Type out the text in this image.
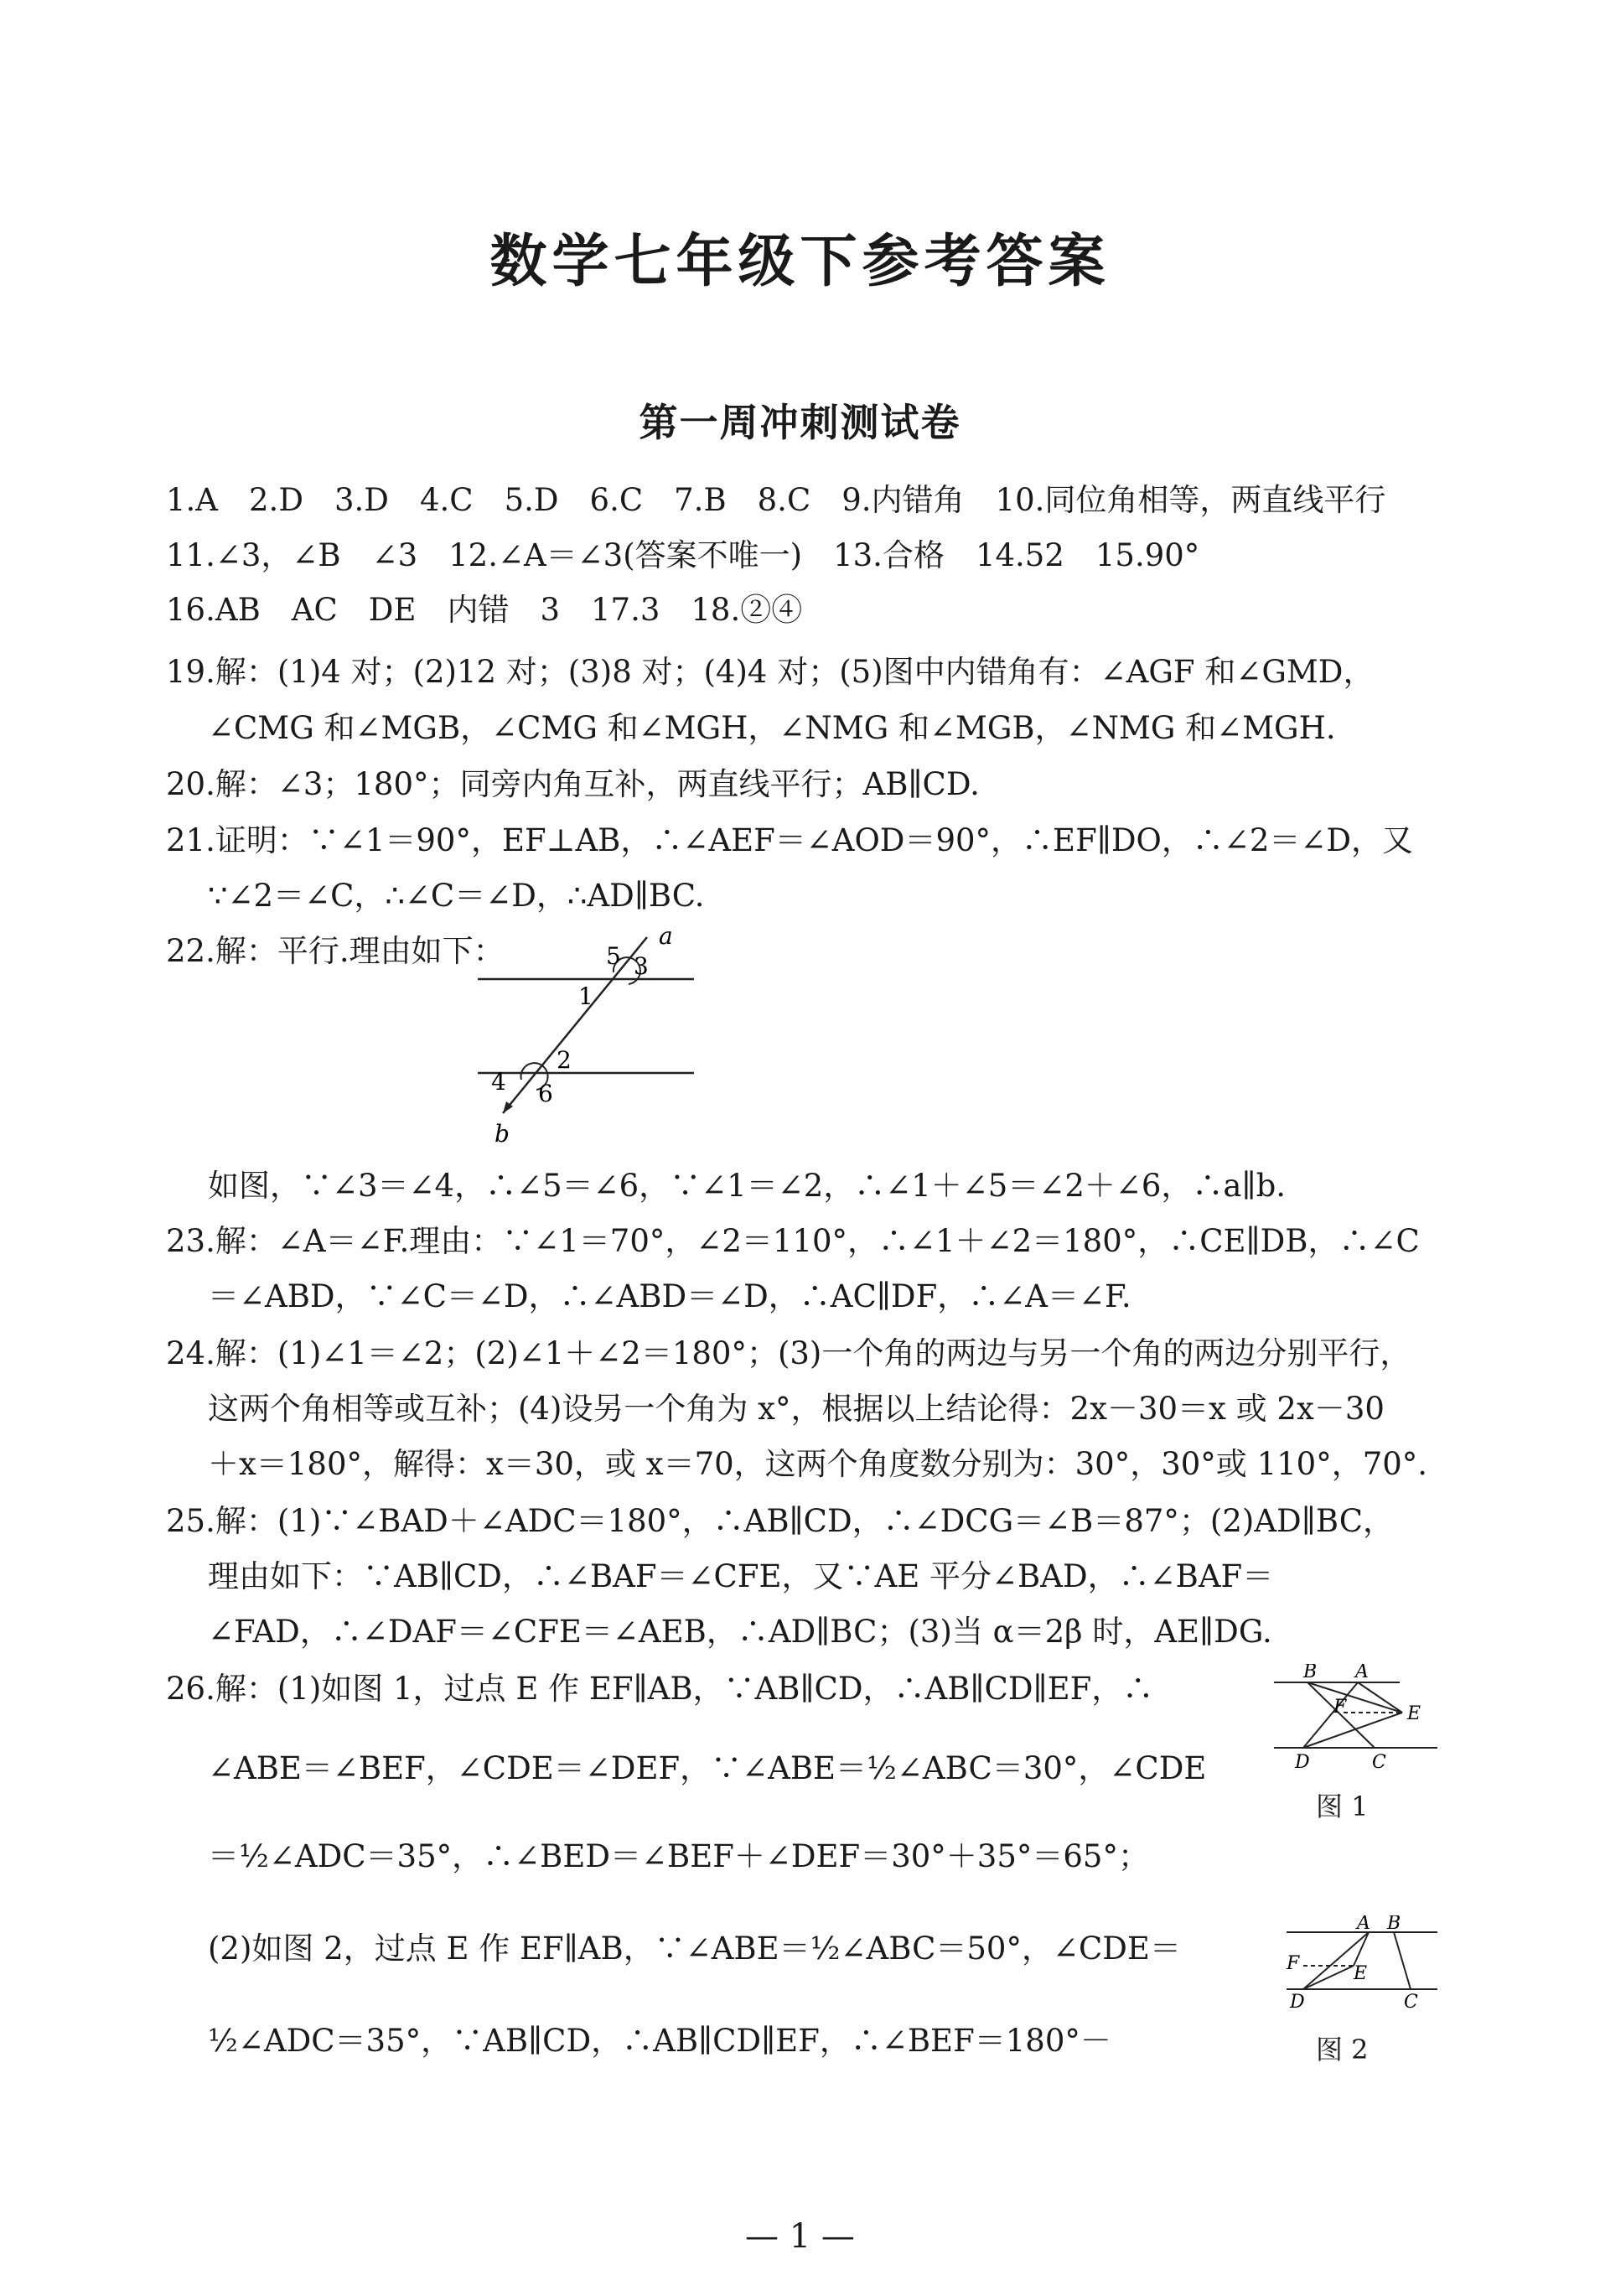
数学七年级下参考答案
第一周冲刺测试卷
1.A　2.D　3.D　4.C　5.D　6.C　7.B　8.C　9.内错角　10.同位角相等，两直线平行
11.∠3，∠B　∠3　12.∠A＝∠3(答案不唯一)　13.合格　14.52　15.90°
16.AB　AC　DE　内错　3　17.3　18.②④
19.解：(1)4 对；(2)12 对；(3)8 对；(4)4 对；(5)图中内错角有：∠AGF 和∠GMD，
∠CMG 和∠MGB，∠CMG 和∠MGH，∠NMG 和∠MGB，∠NMG 和∠MGH.
20.解：∠3；180°；同旁内角互补，两直线平行；AB∥CD.
21.证明：∵∠1＝90°，EF⊥AB，∴∠AEF＝∠AOD＝90°，∴EF∥DO，∴∠2＝∠D，又
∵∠2＝∠C，∴∠C＝∠D，∴AD∥BC.
22.解：平行.理由如下：	5 3
a
1
2
4 6
b
如图，∵∠3＝∠4，∴∠5＝∠6，∵∠1＝∠2，∴∠1＋∠5＝∠2＋∠6，∴a∥b.
23.解：∠A＝∠F.理由：∵∠1＝70°，∠2＝110°，∴∠1＋∠2＝180°，∴CE∥DB，∴∠C
＝∠ABD，∵∠C＝∠D，∴∠ABD＝∠D，∴AC∥DF，∴∠A＝∠F.
24.解：(1)∠1＝∠2；(2)∠1＋∠2＝180°；(3)一个角的两边与另一个角的两边分别平行，
这两个角相等或互补；(4)设另一个角为 x°，根据以上结论得：2x－30＝x 或 2x－30
＋x＝180°，解得：x＝30，或 x＝70，这两个角度数分别为：30°，30°或 110°，70°.
25.解：(1)∵∠BAD＋∠ADC＝180°，∴AB∥CD，∴∠DCG＝∠B＝87°；(2)AD∥BC，
理由如下：∵AB∥CD，∴∠BAF＝∠CFE，又∵AE 平分∠BAD，∴∠BAF＝
∠FAD，∴∠DAF＝∠CFE＝∠AEB，∴AD∥BC；(3)当 α＝2β 时，AE∥DG.
26.解：(1)如图 1，过点 E 作 EF∥AB，∵AB∥CD，∴AB∥CD∥EF，∴
∠ABE＝∠BEF，∠CDE＝∠DEF，∵∠ABE＝½∠ABC＝30°，∠CDE
＝½∠ADC＝35°，∴∠BED＝∠BEF＋∠DEF＝30°＋35°＝65°；
(2)如图 2，过点 E 作 EF∥AB，∵∠ABE＝½∠ABC＝50°，∠CDE＝
½∠ADC＝35°，∵AB∥CD，∴AB∥CD∥EF，∴∠BEF＝180°－
B A
F	E
D	C
图 1
A B
F	E
D	C
图 2
— 1 —
